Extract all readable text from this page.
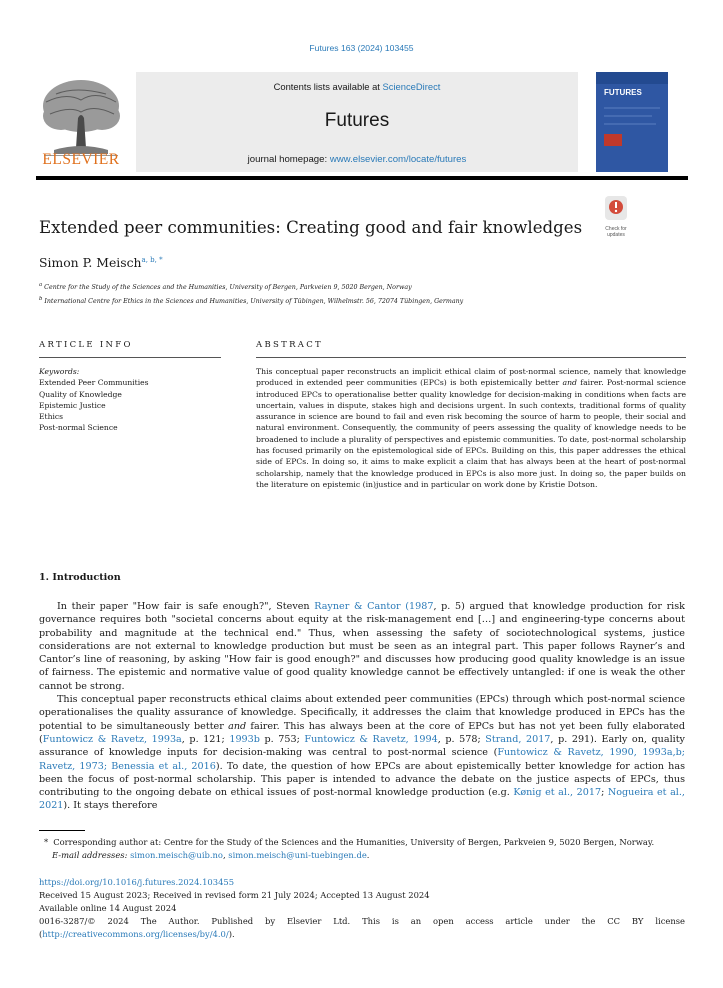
Futures 163 (2024) 103455
ELSEVIER
Contents lists available at ScienceDirect
Futures
journal homepage: www.elsevier.com/locate/futures
FUTURES
Extended peer communities: Creating good and fair knowledges	Check for
updates
Simon P. Meisch$^{a, b, *}$
$^a$ Centre for the Study of the Sciences and the Humanities, University of Bergen, Parkveien 9, 5020 Bergen, Norway
$^b$ International Centre for Ethics in the Sciences and Humanities, University of Tübingen, Wilhelmstr. 56, 72074 Tübingen, Germany
ARTICLE INFO	ABSTRACT
Keywords:
Extended Peer Communities
Quality of Knowledge
Epistemic Justice
Ethics
Post-normal Science
This conceptual paper reconstructs an implicit ethical claim of post-normal science, namely that knowledge produced in extended peer communities (EPCs) is both epistemically better and fairer. Post-normal science introduced EPCs to operationalise better quality knowledge for decision-making in conditions when facts are uncertain, values in dispute, stakes high and decisions urgent. In such contexts, traditional forms of quality assurance in science are bound to fail and even risk becoming the source of harm to people, their social and natural environment. Consequently, the community of peers assessing the quality of knowledge needs to be broadened to include a plurality of perspectives and epistemic communities. To date, post-normal scholarship has focused primarily on the epistemological side of EPCs. Building on this, this paper addresses the ethical side of EPCs. In doing so, it aims to make explicit a claim that has always been at the heart of post-normal scholarship, namely that the knowledge produced in EPCs is also more just. In doing so, the paper builds on the literature on epistemic (in)justice and in particular on work done by Kristie Dotson.
1. Introduction

In their paper "How fair is safe enough?", Steven Rayner & Cantor (1987, p. 5) argued that knowledge production for risk governance requires both "societal concerns about equity at the risk-management end […] and engineering-type concerns about probability and magnitude at the technical end." Thus, when assessing the safety of sociotechnological systems, justice considerations are not external to knowledge production but must be seen as an integral part. This paper follows Rayner’s and Cantor’s line of reasoning, by asking "How fair is good enough?" and discusses how producing good quality knowledge is an issue of fairness. The epistemic and normative value of good quality knowledge cannot be effectively untangled: if one is weak the other cannot be strong.

This conceptual paper reconstructs ethical claims about extended peer communities (EPCs) through which post-normal science operationalises the quality assurance of knowledge. Specifically, it addresses the claim that knowledge produced in EPCs has the potential to be simultaneously better and fairer. This has always been at the core of EPCs but has not yet been fully elaborated (Funtowicz & Ravetz, 1993a, p. 121; 1993b p. 753; Funtowicz & Ravetz, 1994, p. 578; Strand, 2017, p. 291). Early on, quality assurance of knowledge inputs for decision-making was central to post-normal science (Funtowicz & Ravetz, 1990, 1993a,b; Ravetz, 1973; Benessia et al., 2016). To date, the question of how EPCs are about epistemically better knowledge for action has been the focus of post-normal scholarship. This paper is intended to advance the debate on the justice aspects of EPCs, thus contributing to the ongoing debate on ethical issues of post-normal knowledge production (e.g. Kønig et al., 2017; Nogueira et al., 2021). It stays therefore

* Corresponding author at: Centre for the Study of the Sciences and the Humanities, University of Bergen, Parkveien 9, 5020 Bergen, Norway.
E-mail addresses: simon.meisch@uib.no, simon.meisch@uni-tuebingen.de.
https://doi.org/10.1016/j.futures.2024.103455
Received 15 August 2023; Received in revised form 21 July 2024; Accepted 13 August 2024
Available online 14 August 2024
0016-3287/© 2024 The Author. Published by Elsevier Ltd. This is an open access article under the CC BY license
(http://creativecommons.org/licenses/by/4.0/).
